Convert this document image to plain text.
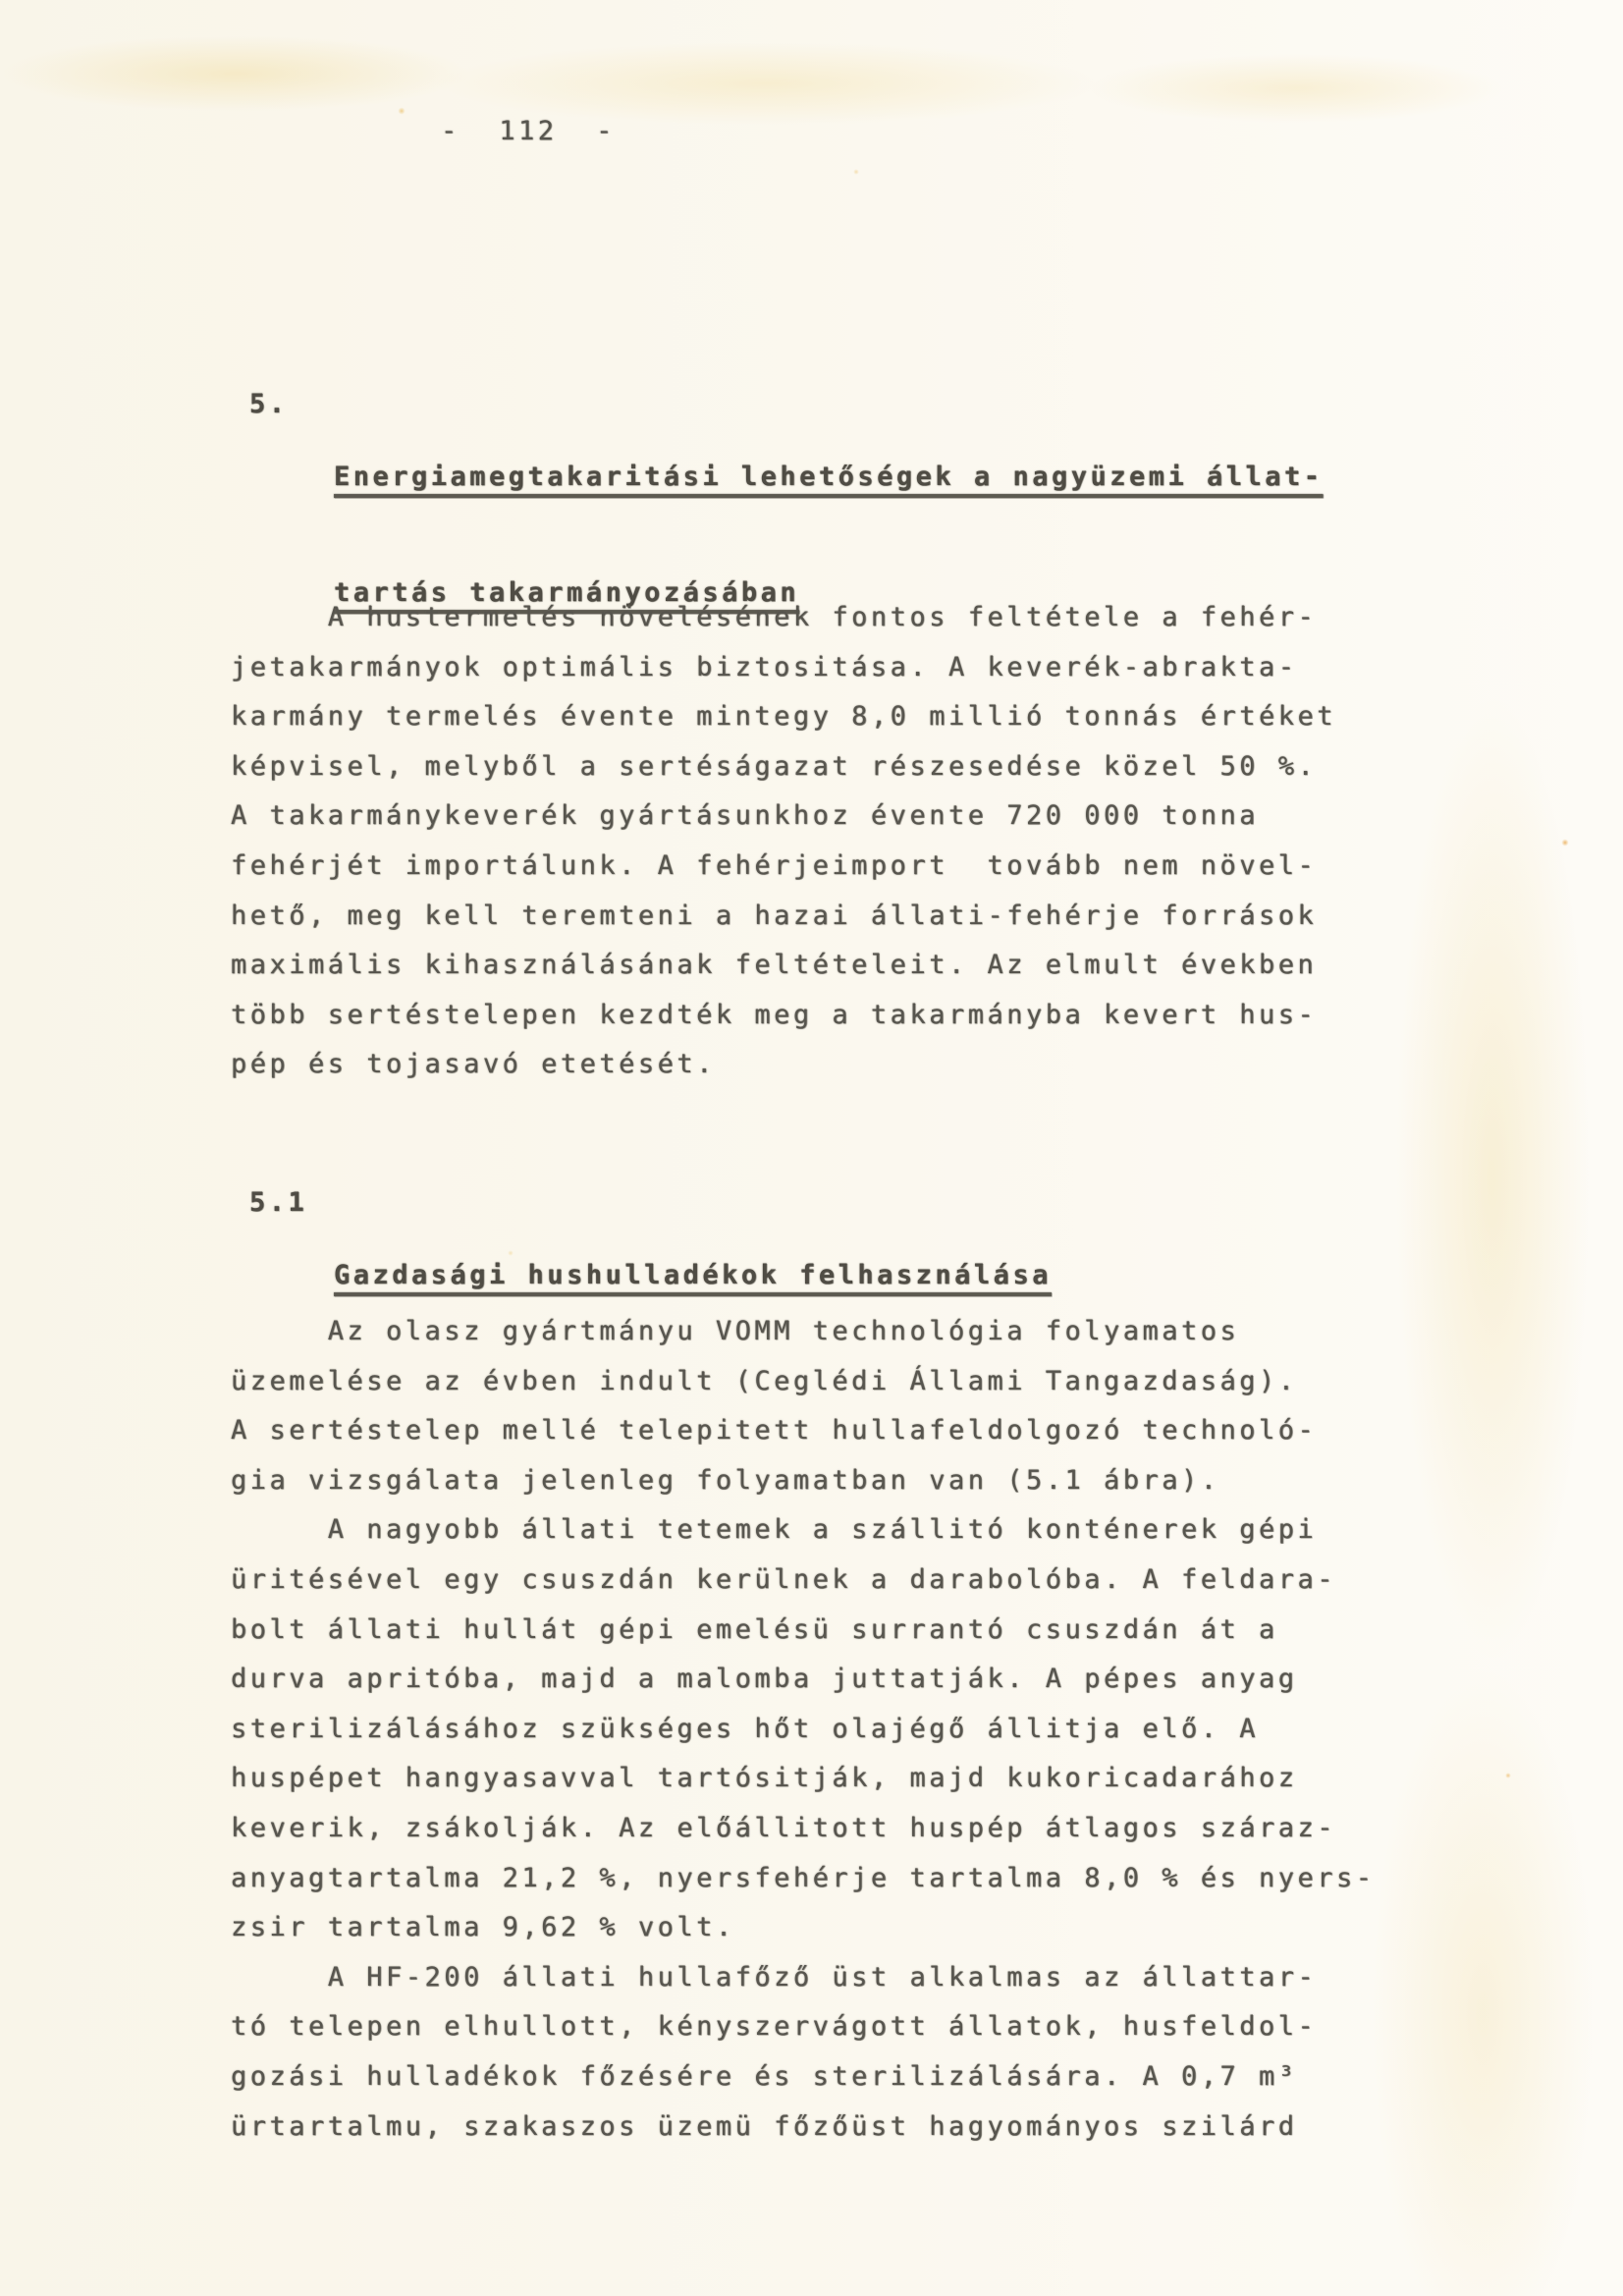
- 112 -
5.

Energiamegtakaritási lehetőségek a nagyüzemi állat-

tartás takarmányozásában

A hustermelés növelésének fontos feltétele a fehér-
jetakarmányok optimális biztositása. A keverék-abrakta-
karmány termelés évente mintegy 8,0 millió tonnás értéket
képvisel, melyből a sertéságazat részesedése közel 50 %.
A takarmánykeverék gyártásunkhoz évente 720 000 tonna
fehérjét importálunk. A fehérjeimport  tovább nem növel-
hető, meg kell teremteni a hazai állati-fehérje források
maximális kihasználásának feltételeit. Az elmult években
több sertéstelepen kezdték meg a takarmányba kevert hus-
pép és tojasavó etetését.
5.1

Gazdasági hushulladékok felhasználása

Az olasz gyártmányu VOMM technológia folyamatos
üzemelése az évben indult (Ceglédi Állami Tangazdaság).
A sertéstelep mellé telepitett hullafeldolgozó technoló-
gia vizsgálata jelenleg folyamatban van (5.1 ábra).
A nagyobb állati tetemek a szállitó konténerek gépi
üritésével egy csuszdán kerülnek a darabolóba. A feldara-
bolt állati hullát gépi emelésü surrantó csuszdán át a
durva apritóba, majd a malomba juttatják. A pépes anyag
sterilizálásához szükséges hőt olajégő állitja elő. A
huspépet hangyasavval tartósitják, majd kukoricadarához
keverik, zsákolják. Az előállitott huspép átlagos száraz-
anyagtartalma 21,2 %, nyersfehérje tartalma 8,0 % és nyers-
zsir tartalma 9,62 % volt.
A HF-200 állati hullafőző üst alkalmas az állattar-
tó telepen elhullott, kényszervágott állatok, husfeldol-
gozási hulladékok főzésére és sterilizálására. A 0,7 m³
ürtartalmu, szakaszos üzemü főzőüst hagyományos szilárd
